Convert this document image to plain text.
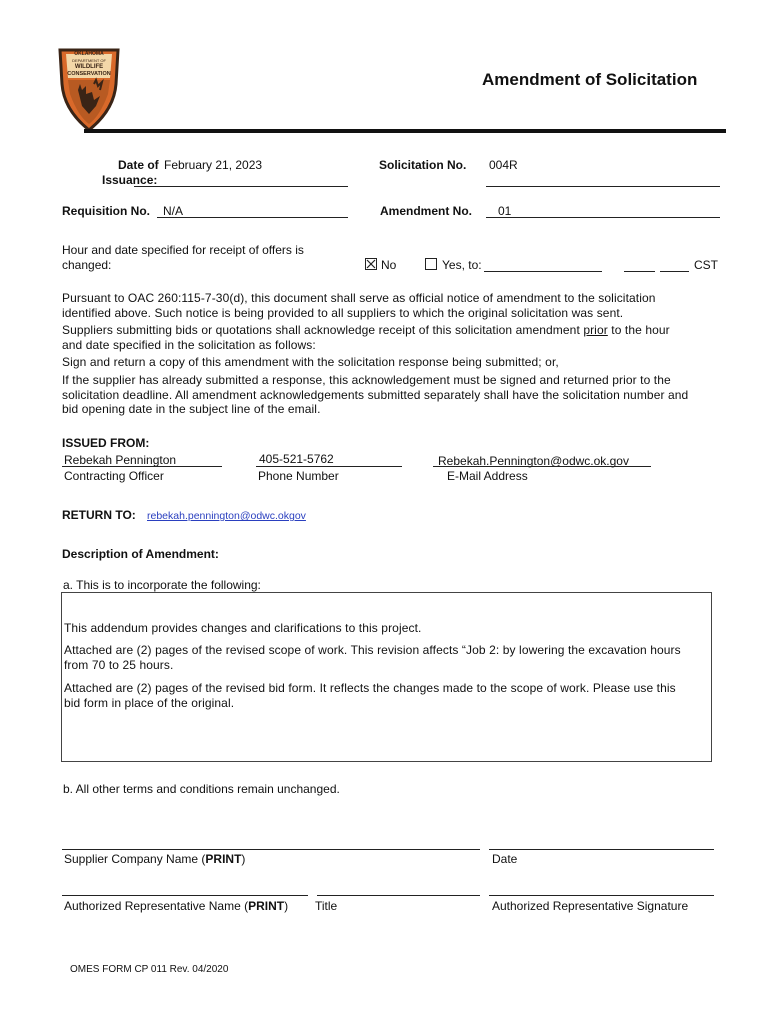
OKLAHOMA
DEPARTMENT OF
WILDLIFE
CONSERVATION	Amendment of Solicitation
Date of
Issuance:
February 21, 2023	Solicitation No. 004R
Requisition No. N/A	Amendment No. 01
Hour and date specified for receipt of offers is
changed:	No	Yes, to:	CST
Pursuant to OAC 260:115-7-30(d), this document shall serve as official notice of amendment to the solicitation
identified above. Such notice is being provided to all suppliers to which the original solicitation was sent.
Suppliers submitting bids or quotations shall acknowledge receipt of this solicitation amendment prior to the hour
and date specified in the solicitation as follows:
Sign and return a copy of this amendment with the solicitation response being submitted; or,
If the supplier has already submitted a response, this acknowledgement must be signed and returned prior to the
solicitation deadline. All amendment acknowledgements submitted separately shall have the solicitation number and
bid opening date in the subject line of the email.
ISSUED FROM:
Rebekah Pennington
Contracting Officer
405-521-5762
Phone Number
Rebekah.Pennington@odwc.ok.gov
E-Mail Address
RETURN TO: rebekah.pennington@odwc.okgov
Description of Amendment:
a. This is to incorporate the following:
This addendum provides changes and clarifications to this project.
Attached are (2) pages of the revised scope of work. This revision affects “Job 2: by lowering the excavation hours
from 70 to 25 hours.
Attached are (2) pages of the revised bid form. It reflects the changes made to the scope of work. Please use this
bid form in place of the original.
b. All other terms and conditions remain unchanged.
Supplier Company Name (PRINT)	Date
Authorized Representative Name (PRINT) Title	Authorized Representative Signature
OMES FORM CP 011 Rev. 04/2020
